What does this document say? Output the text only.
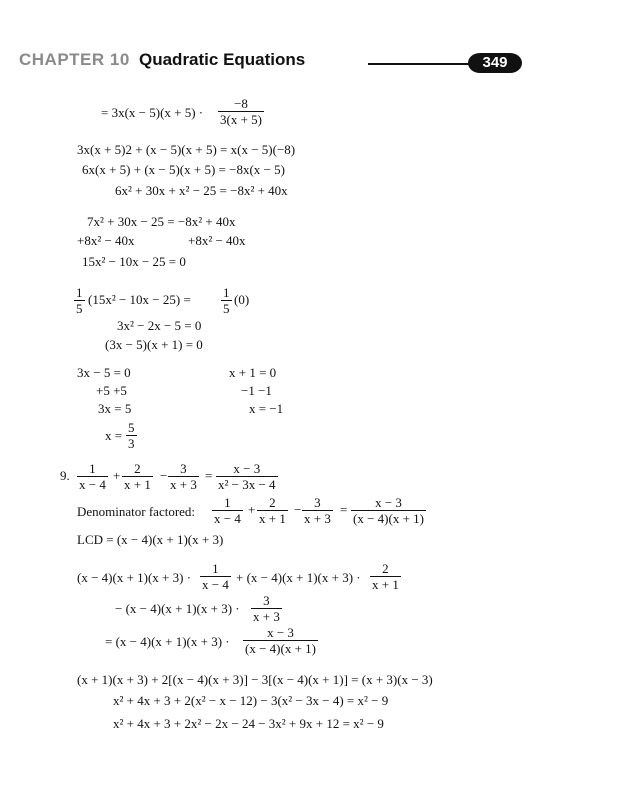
CHAPTER 10 Quadratic Equations	349
= $3x(x - 5)(x + 5) \cdot \frac{-8}{3(x + 5)}$
3x(x + 5)2 + (x − 5)(x + 5) = x(x − 5)(−8)
6x(x + 5) + (x − 5)(x + 5) = −8x(x − 5)
6x² + 30x + x² − 25 = −8x² + 40x
7x² + 30x − 25 = −8x² + 40x
+8x² − 40x	+8x² − 40x
15x² − 10x − 25 = 0
$\frac{1}{5} (15x^2 - 10x - 25) = \frac{1}{5} (0)$
3x² − 2x − 5 = 0
(3x − 5)(x + 1) = 0
3x − 5 = 0
+5 +5
3x = 5
$x = \frac{5}{3}$
x + 1 = 0
−1 −1
x = −1
9. $\frac{1}{x - 4} + \frac{2}{x + 1} - \frac{3}{x + 3} = \frac{x - 3}{\text{x² − 3x − 4}}$
Denominator factored: $\frac{1}{x - 4} + \frac{2}{x + 1} - \frac{3}{x + 3} = \frac{x - 3}{(x - 4)(x + 1)}$
LCD = (x − 4)(x + 1)(x + 3)
$(x - 4)(x + 1)(x + 3) \cdot \frac{1}{x - 4} + (x - 4)(x + 1)(x + 3) \cdot \frac{2}{x + 1}$
− $(x - 4)(x + 1)(x + 3) \cdot \frac{3}{x + 3}$
= $(x - 4)(x + 1)(x + 3) \cdot \frac{x - 3}{(x - 4)(x + 1)}$
(x + 1)(x + 3) + 2[(x − 4)(x + 3)] − 3[(x − 4)(x + 1)] = (x + 3)(x − 3)
x² + 4x + 3 + 2(x² − x − 12) − 3(x² − 3x − 4) = x² − 9
x² + 4x + 3 + 2x² − 2x − 24 − 3x² + 9x + 12 = x² − 9
